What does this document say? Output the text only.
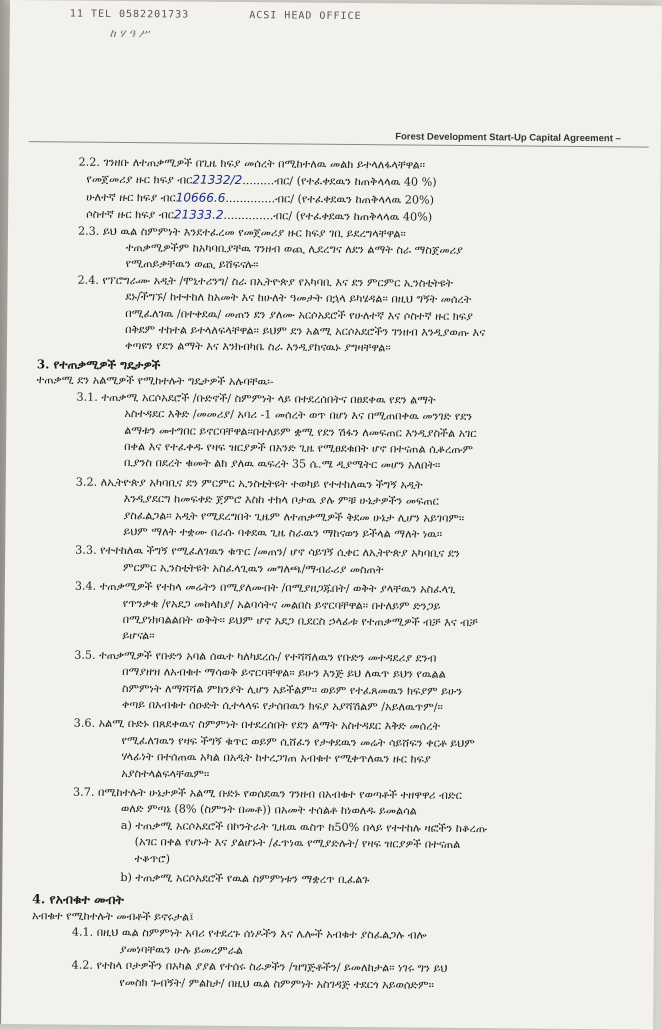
11 TEL 0582201733	ACSI HEAD OFFICE
ከ ሃ ዓ ሥ
Forest Development Start-Up Capital Agreement –

2.2. ገንዘቡ ለተጠቃሚዎች በጊዜ ክፍያ መሰረት በሚከተለዉ መልክ ይተላለፋላቸዋል፡፡

የመጀመሪያ ዙር ክፍያ ብር21332/2.........ብር/ (የተፈቀደዉን ከጠቅላላዉ 40 %)

ሁለተኛ ዙር ክፍያ ብር10666.6..............ብር/ (የተፈቀደዉን ከጠቅላላዉ 20%)

ሶስተኛ ዙር ክፍያ ብር21333.2..............ብር/ (የተፈቀደዉን ከጠቅላላዉ 40%)

2.3. ይህ ዉል ስምምነት እንደተፈረመ የመጀመሪያ ዙር ክፍያ ገቢ ይደረግላቸዋል፡፡

ተጠቃሚዎችም ከአካባቢያቸዉ ገንዘብ ወጪ ሊደረግና ለደን ልማት ስራ ማስጀመሪያ

የሚጠይቃቸዉን ወጪ ይሸፍናሉ፡፡

2.4. የፕሮግራሙ አዲት /ሞኒተሪንግ/ ስራ በኢትዮጵያ የአካባቢ እና ደን ምርምር ኢንስቲትዩት

ደኑ/ችግኙ/ ከተተከለ ከአመት እና ከሁለት ዓመታት በኋላ ይካሄዳል፡፡ በዚህ ግኝት መሰረት

በሚፈለገዉ /በተቀደዉ/ መጠን ደን ያለሙ አርሶአደሮች የሁለተኛ እና ሶስተኛ ዙር ክፍያ

በቅደም ተከተል ይተላለፍላቸዋል፡፡ ይህም ደን አልሚ አርሶአደሮችን ገንዘብ እንዲያወጡ እና

ቀጣዩን የደን ልማት እና እንክብካቤ ስራ እንዲያከናዉኑ ያግዛቸዋል፡፡

3. የተጠቃሚዎች ግዴታዎች

ተጠቃሚ ደን አልሚዎች የሚከተሉት ግዴታዎች አሉባቸዉ፡-

3.1. ተጠቃሚ አርሶአደሮች /ቡድኖች/ ስምምነት ላይ በተደረሰበትና በፀደቀዉ የደን ልማት

አስተዳደር እቅድ /መመሪያ/ አባሪ -1 መሰረት ወጥ በሆነ እና በሚጠበቀዉ መንገድ የደን

ልማቱን መተግበር ይኖርባቸዋል፡፡በተለይም ቋሚ የደን ሽፋን ለመፍጠር እንዲያስችል አገር

በቀል እና የተፈቀዱ የዛፍ ዝርያዎች በአንድ ጊዜ የሚፀደቁበት ሆኖ በተናጠል ሲቆረጡም

ቢያንስ በደረት ቁመት ልክ ያለዉ ዉፍረት 35 ሴ.ሜ ዲያሜትር መሆን አለበት፡፡

3.2. ለኢትዮጵያ አካባቢና ደን ምርምር ኢንስቲትዩት ተወካይ የተተከለዉን ችግኝ አዲት

እንዲያደርግ ከመፍቀድ ጀምሮ እስከ ተክላ ቦታዉ ያሉ ምቹ ሁኔታዎችን መፍጠር

ያስፈልጋል፡፡ አዲት የሚደረግበት ጊዜም ለተጠቃሚዎች ቅደመ ሁኔታ ሊሆን አይገባም፡፡

ይህም ማለት ተቋሙ በራሱ ባቀደዉ ጊዜ ስራዉን ማከናወን ይችላል ማለት ነዉ፡፡

3.3. የተተከለዉ ችግኝ የሚፈለገዉን ቁጥር /መጠን/ ሆኖ ሳይገኝ ሲቀር ለኢትዮጵያ አካባቢና ደን

ምርምር ኢንስቲትዩት አስፈላጊዉን መግለጫ/ማብራሪያ መስጠት

3.4. ተጠቃሚዎች የተከላ መሬትን በሚያለሙበት /በሚያዘጋጁበት/ ወቅት ያላቸዉን አስፈላጊ

የጥንቃቄ /የአደጋ መከላከያ/ አልባሳትና መልበስ ይኖርባቸዋል፡፡ በተለይም ድንጋይ

በሚያነክባልልበት ወቅት፡፡ ይህም ሆኖ አደጋ ቢደርስ ኃላፊቱ የተጠቃሚዎች ብቻ እና ብቻ

ይሆናል፡፡

3.5. ተጠቃሚዎች የቡድን አባል ሰዉተ ካለካደረሱ/ የተሻሻለዉን የቡድን መተዳደሪያ ደንብ

በማያዘዝ ለአብቁተ ማሳወቅ ይኖርባቸዋል፡፡ ይሁን እንጅ ይህ ለዉጥ ይህን የዉልል

ስምምነት ለማሻሻል ምክንያት ሊሆን አይችልም፡፡ ወይም የተፈጸመዉን ክፍያም ይሁን

ቀጣይ በአብቁተ ሰዑድት ሲተላላፍ የታሰበዉን ክፍያ አያሻሽልም /አይለዉጥም/፡፡

3.6. አልሚ ቡድኑ በጸደቀዉና ስምምነት በተደረሰበት የደን ልማት አስተዳደር እቅድ መሰረት

የሚፈለገዉን የዛፍ ችግኝ ቁጥር ወይም ሲሸፈን የታቀደዉን መሬት ሳይሸፍን ቀርቶ ይህም

ሃላፊነት በተሰጠዉ አካል በአዲት ከተረጋገጠ አብቁተ የሚቀጥለዉን ዙር ክፍያ

አያስተላልፍላቸዉም፡፡

3.7. በሚከተሉት ሁኔታዎች አልሚ ቡድኑ የወሰደዉን ገንዘብ በአብቁተ የወጣቶች ተዘዋዋሪ ብድር

ወለድ ምጣኔ (8% (ስምንት በመቶ)) በአመት ተሰልቶ ከነወለዱ ይመልሳል

a) ተጠቃሚ አርሶአደሮች በኮንትራት ጊዜዉ ዉስጥ ከ50% በላይ የተተከሉ ዛፎችን ከቆረጡ

(አገር በቀል የሆኑት እና ያልሆኑት /ፈጥነዉ የሚያድሉት/ የዛፍ ዝርያዎች በተናጠል

ተቆጥሮ)

b) ተጠቃሚ አርሶአደሮች የዉል ስምምነቱን ማቋረጥ ቢፈልጉ

4. የአብቁተ መብት

አብቁተ የሚከተሉት መብቶች ይኖሩታል፤

4.1. በዚህ ዉል ስምምነት አባሪ የተደረጉ ሰነዶችን እና ሌሎች አብቁተ ያስፈልጋሉ ብሎ

ያመነባቸዉን ሁሉ ይመረምራል

4.2. የተከላ ቦታዎችን በአካል ያያል የተሰሩ ስራዎችን /ዝግጅቶችን/ ይመለከታል፡፡ ነገሩ ግን ይህ

የመስክ ጉብኝት/ ምልከታ/ በዚህ ዉል ስምምነት አስገዳጅ ተደርጎ አይወሰድም፡፡
